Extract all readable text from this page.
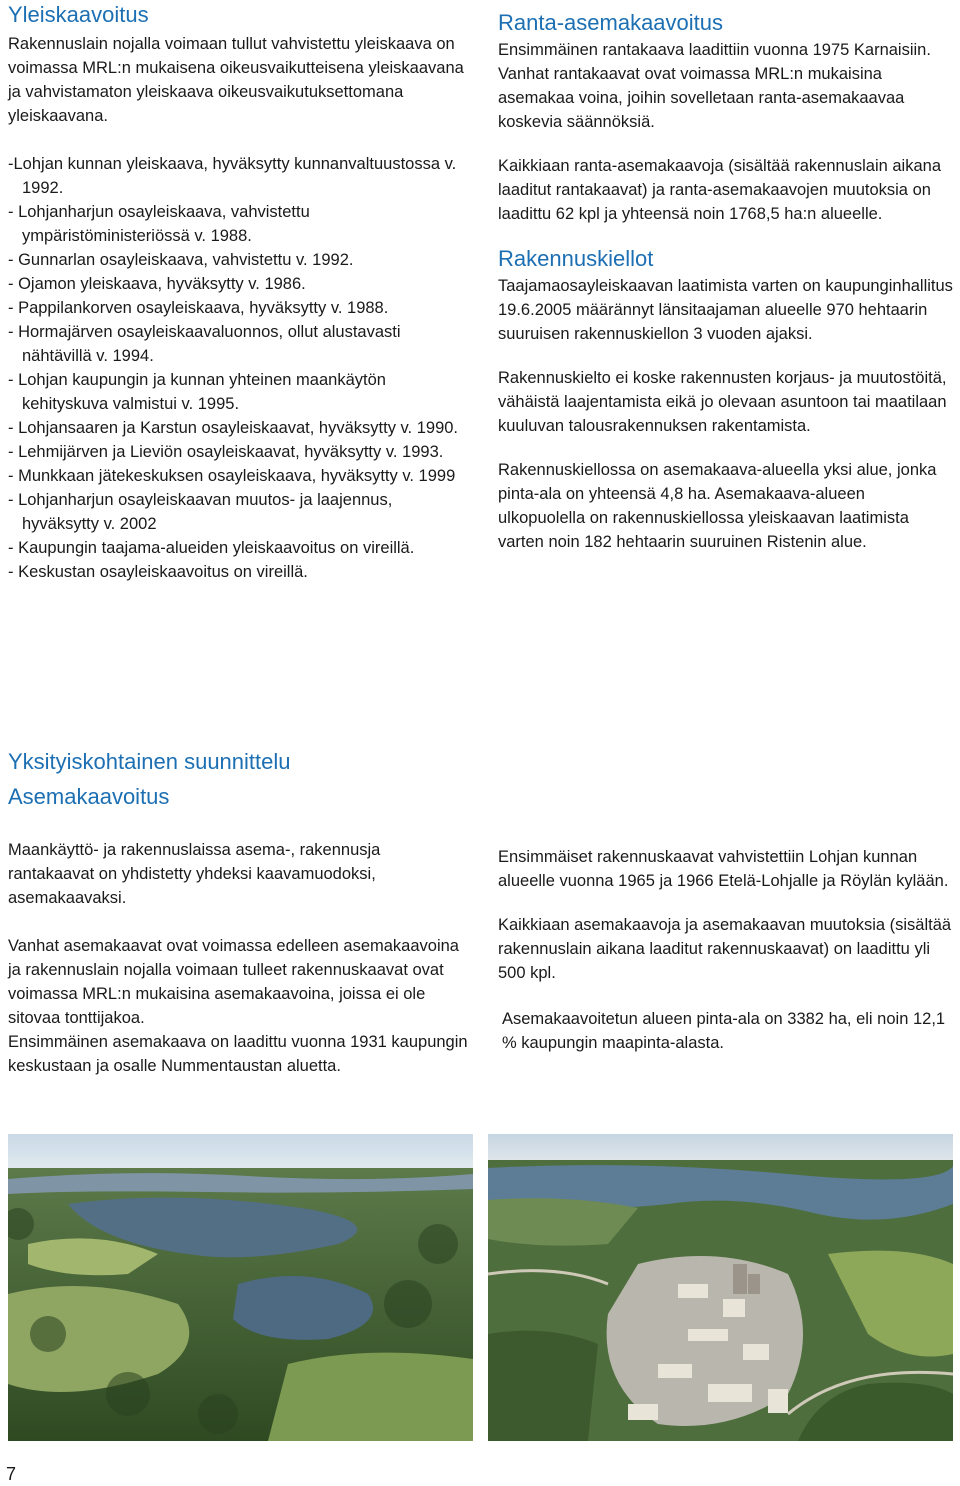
Yleiskaavoitus

Rakennuslain nojalla voimaan tullut vahvistettu yleiskaava on voimassa MRL:n mukaisena oikeusvaikutteisena yleiskaavana ja vahvistamaton yleiskaava oikeusvaikutuksettomana yleiskaavana.

-Lohjan kunnan yleiskaava, hyväksytty kunnanvaltuustossa v. 1992.

- Lohjanharjun osayleiskaava, vahvistettu ympäristöministeriössä v. 1988.

- Gunnarlan osayleiskaava, vahvistettu v. 1992.

- Ojamon yleiskaava, hyväksytty v. 1986.

- Pappilankorven osayleiskaava, hyväksytty v. 1988.

- Hormajärven osayleiskaavaluonnos, ollut alustavasti nähtävillä v. 1994.

- Lohjan kaupungin ja kunnan yhteinen maankäytön kehityskuva valmistui v. 1995.

- Lohjansaaren ja Karstun osayleiskaavat, hyväksytty v. 1990.

- Lehmijärven ja Lieviön osayleiskaavat, hyväksytty v. 1993.

- Munkkaan jätekeskuksen osayleiskaava, hyväksytty v. 1999

- Lohjanharjun osayleiskaavan muutos- ja laajennus, hyväksytty v. 2002

- Kaupungin taajama-alueiden yleiskaavoitus on vireillä.

- Keskustan osayleiskaavoitus on vireillä.

Ranta-asemakaavoitus

Ensimmäinen rantakaava laadittiin vuonna 1975 Karnaisiin. Vanhat rantakaavat ovat voimassa MRL:n mukaisina asemakaa voina, joihin sovelletaan ranta-asemakaavaa koskevia säännöksiä.

Kaikkiaan ranta-asemakaavoja (sisältää rakennuslain aikana laaditut rantakaavat) ja ranta-asemakaavojen muutoksia on laadittu 62 kpl ja yhteensä noin 1768,5 ha:n alueelle.

Rakennuskiellot

Taajamaosayleiskaavan laatimista varten on kaupunginhallitus 19.6.2005 määrännyt länsitaajaman alueelle 970 hehtaarin suuruisen rakennuskiellon 3 vuoden ajaksi.

Rakennuskielto ei koske rakennusten korjaus- ja muutostöitä, vähäistä laajentamista eikä jo olevaan asuntoon tai maatilaan kuuluvan talousrakennuksen rakentamista.

Rakennuskiellossa on asemakaava-alueella yksi alue, jonka pinta-ala on yhteensä 4,8 ha. Asemakaava-alueen ulkopuolella on rakennuskiellossa yleiskaavan laatimista varten noin 182 hehtaarin suuruinen Ristenin alue.

Yksityiskohtainen suunnittelu
Asemakaavoitus

Maankäyttö- ja rakennuslaissa asema-, rakennusja rantakaavat on yhdistetty yhdeksi kaavamuodoksi, asemakaavaksi.

Vanhat asemakaavat ovat voimassa edelleen asemakaavoina ja rakennuslain nojalla voimaan tulleet rakennuskaavat ovat voimassa MRL:n mukaisina asemakaavoina, joissa ei ole sitovaa tonttijakoa.

Ensimmäinen asemakaava on laadittu vuonna 1931 kaupungin keskustaan ja osalle Nummentaustan aluetta.

Ensimmäiset rakennuskaavat vahvistettiin Lohjan kunnan alueelle vuonna 1965 ja 1966 Etelä-Lohjalle ja Röylän kylään.

Kaikkiaan asemakaavoja ja asemakaavan muutoksia (sisältää rakennuslain aikana laaditut rakennuskaavat) on laadittu yli 500 kpl.

Asemakaavoitetun alueen pinta-ala on 3382 ha, eli noin 12,1 % kaupungin maapinta-alasta.

7
